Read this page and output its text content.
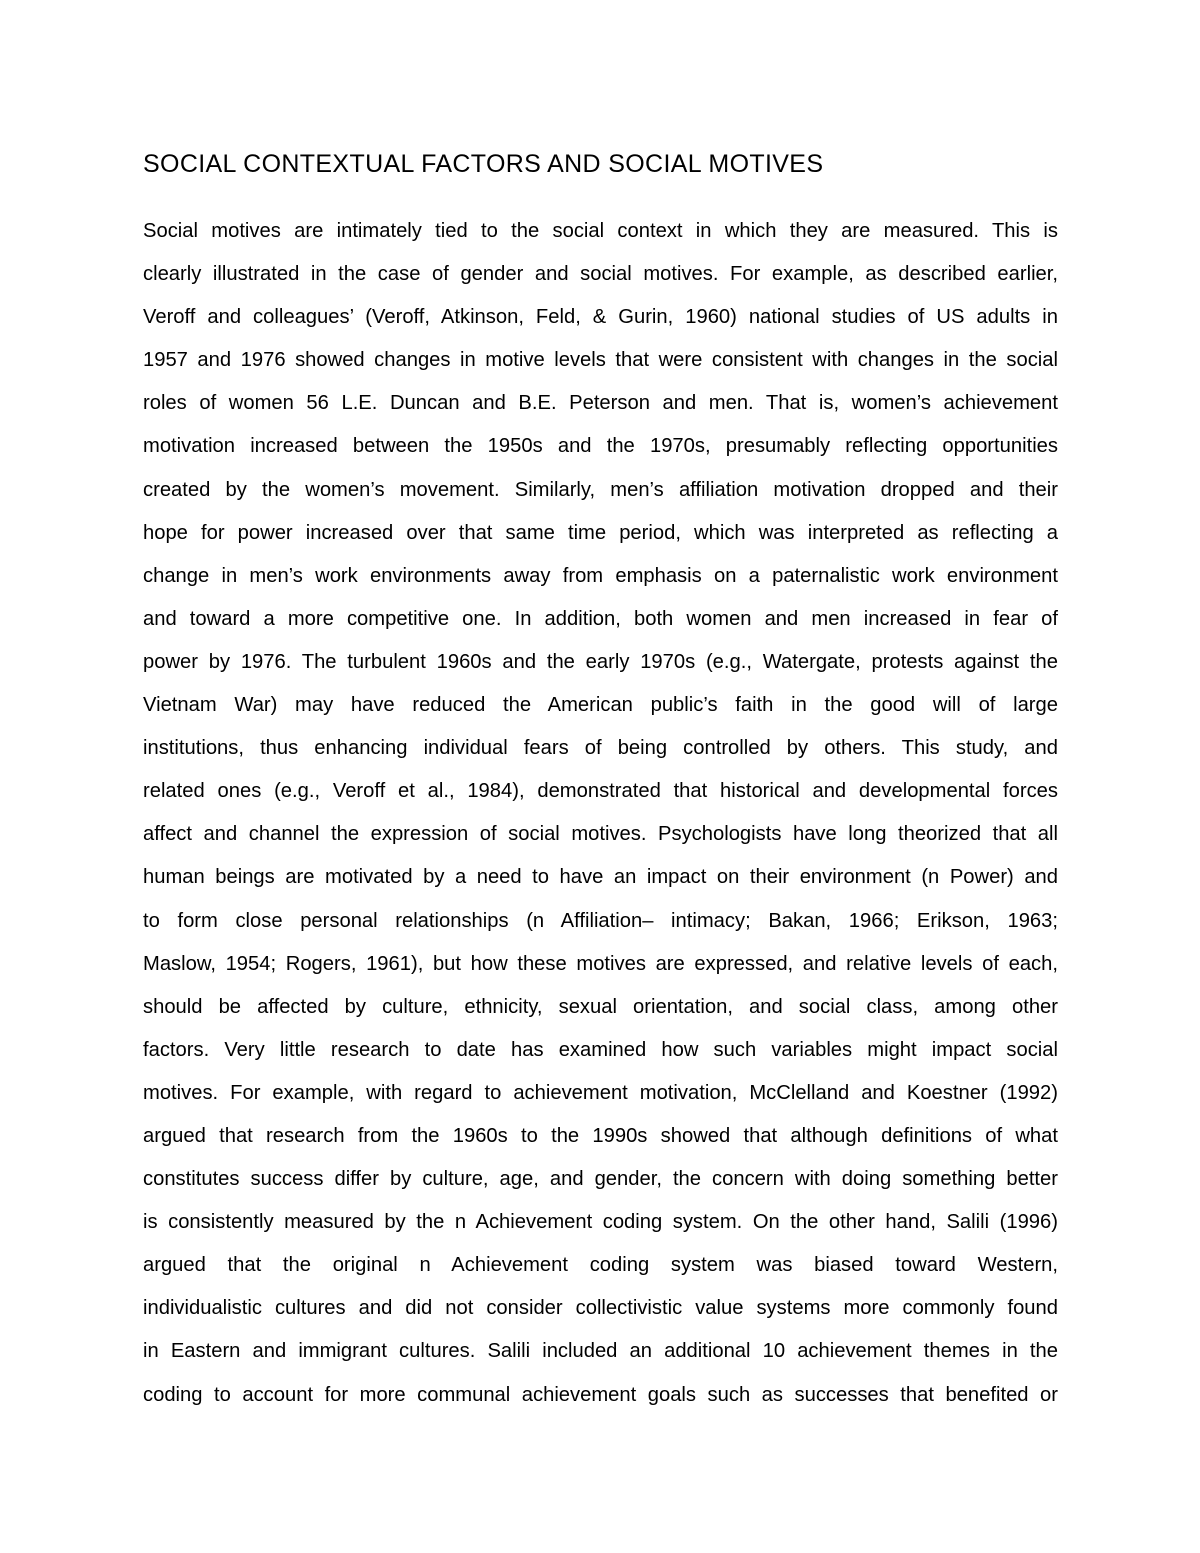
SOCIAL CONTEXTUAL FACTORS AND SOCIAL MOTIVES
Social motives are intimately tied to the social context in which they are measured. This is
clearly illustrated in the case of gender and social motives. For example, as described earlier,
Veroff and colleagues’ (Veroff, Atkinson, Feld, & Gurin, 1960) national studies of US adults in
1957 and 1976 showed changes in motive levels that were consistent with changes in the social
roles of women 56 L.E. Duncan and B.E. Peterson and men. That is, women’s achievement
motivation increased between the 1950s and the 1970s, presumably reflecting opportunities
created by the women’s movement. Similarly, men’s affiliation motivation dropped and their
hope for power increased over that same time period, which was interpreted as reflecting a
change in men’s work environments away from emphasis on a paternalistic work environment
and toward a more competitive one. In addition, both women and men increased in fear of
power by 1976. The turbulent 1960s and the early 1970s (e.g., Watergate, protests against the
Vietnam War) may have reduced the American public’s faith in the good will of large
institutions, thus enhancing individual fears of being controlled by others. This study, and
related ones (e.g., Veroff et al., 1984), demonstrated that historical and developmental forces
affect and channel the expression of social motives. Psychologists have long theorized that all
human beings are motivated by a need to have an impact on their environment (n Power) and
to form close personal relationships (n Affiliation– intimacy; Bakan, 1966; Erikson, 1963;
Maslow, 1954; Rogers, 1961), but how these motives are expressed, and relative levels of each,
should be affected by culture, ethnicity, sexual orientation, and social class, among other
factors. Very little research to date has examined how such variables might impact social
motives. For example, with regard to achievement motivation, McClelland and Koestner (1992)
argued that research from the 1960s to the 1990s showed that although definitions of what
constitutes success differ by culture, age, and gender, the concern with doing something better
is consistently measured by the n Achievement coding system. On the other hand, Salili (1996)
argued that the original n Achievement coding system was biased toward Western,
individualistic cultures and did not consider collectivistic value systems more commonly found
in Eastern and immigrant cultures. Salili included an additional 10 achievement themes in the
coding to account for more communal achievement goals such as successes that benefited or
